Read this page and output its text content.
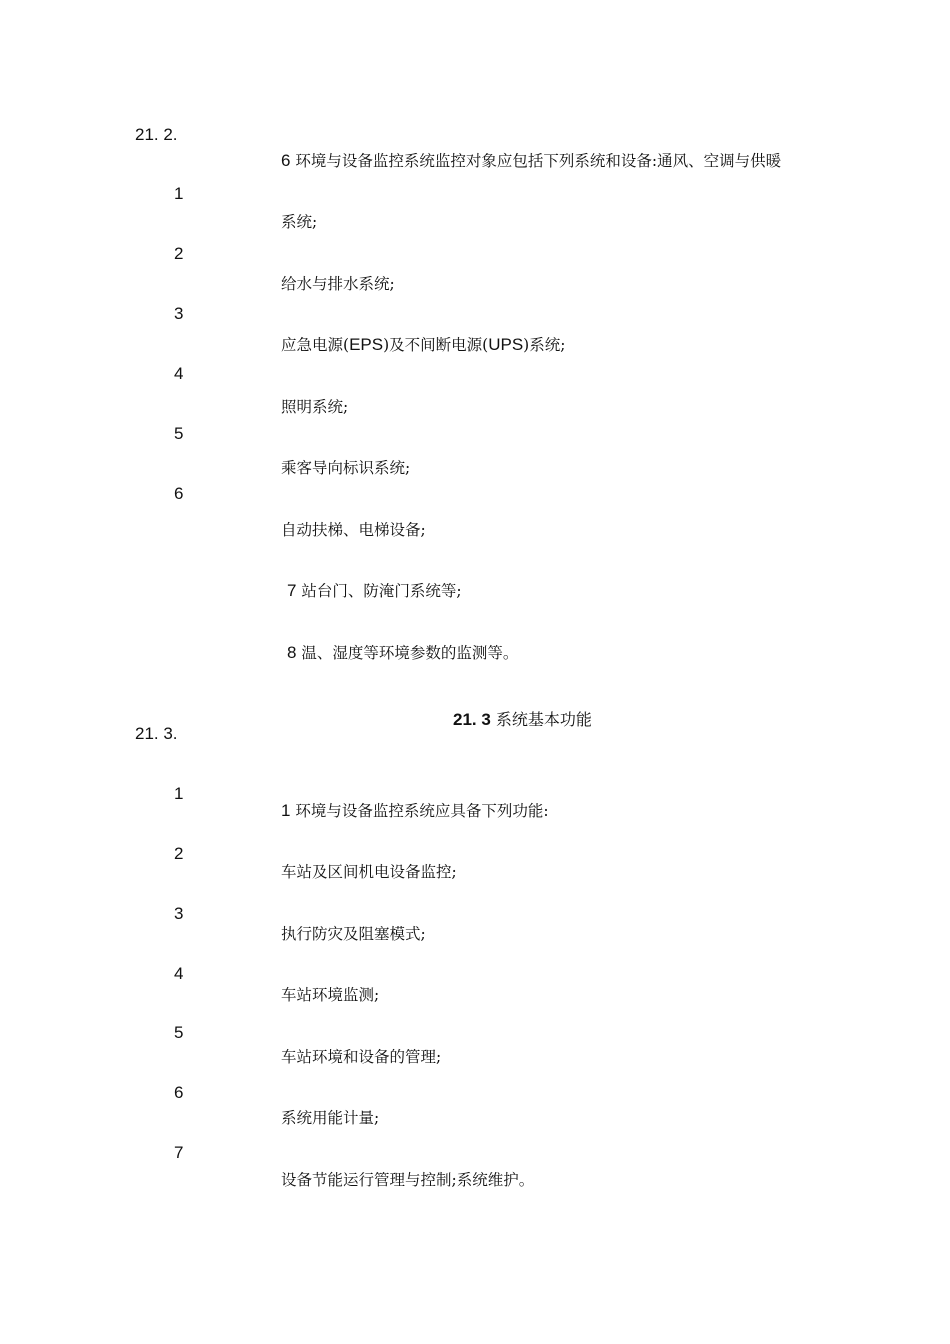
21. 2.
1
2
3
4
5
6
6 环境与设备监控系统监控对象应包括下列系统和设备:通风、空调与供暖
系统;
给水与排水系统;
应急电源(EPS)及不间断电源(UPS)系统;
照明系统;
乘客导向标识系统;
自动扶梯、电梯设备;
7 站台门、防淹门系统等;
8 温、湿度等环境参数的监测等。
21. 3 系统基本功能
21. 3.
1
2
3
4
5
6
7
1 环境与设备监控系统应具备下列功能:
车站及区间机电设备监控;
执行防灾及阻塞模式;
车站环境监测;
车站环境和设备的管理;
系统用能计量;
设备节能运行管理与控制;系统维护。
